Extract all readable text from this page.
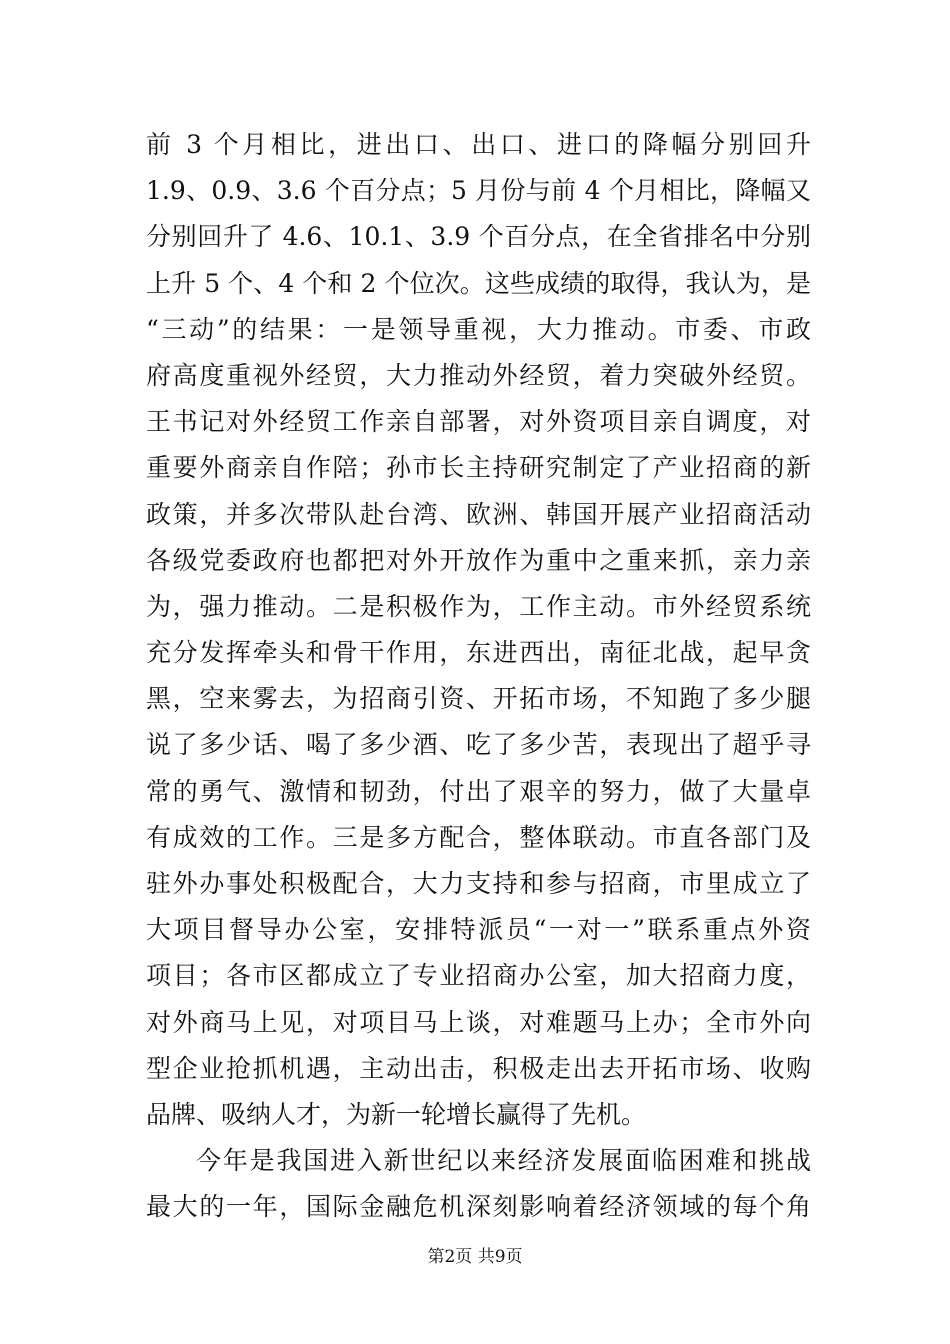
前 3 个月相比，进出口、出口、进口的降幅分别回升
1.9、0.9、3.6 个百分点；5 月份与前 4 个月相比，降幅又
分别回升了 4.6、10.1、3.9 个百分点，在全省排名中分别
上升 5 个、4 个和 2 个位次。这些成绩的取得，我认为，是
“三动”的结果：一是领导重视，大力推动。市委、市政
府高度重视外经贸，大力推动外经贸，着力突破外经贸。
王书记对外经贸工作亲自部署，对外资项目亲自调度，对
重要外商亲自作陪；孙市长主持研究制定了产业招商的新
政策，并多次带队赴台湾、欧洲、韩国开展产业招商活动
各级党委政府也都把对外开放作为重中之重来抓，亲力亲
为，强力推动。二是积极作为，工作主动。市外经贸系统
充分发挥牵头和骨干作用，东进西出，南征北战，起早贪
黑，空来雾去，为招商引资、开拓市场，不知跑了多少腿
说了多少话、喝了多少酒、吃了多少苦，表现出了超乎寻
常的勇气、激情和韧劲，付出了艰辛的努力，做了大量卓
有成效的工作。三是多方配合，整体联动。市直各部门及
驻外办事处积极配合，大力支持和参与招商，市里成立了
大项目督导办公室，安排特派员“一对一”联系重点外资
项目；各市区都成立了专业招商办公室，加大招商力度，
对外商马上见，对项目马上谈，对难题马上办；全市外向
型企业抢抓机遇，主动出击，积极走出去开拓市场、收购
品牌、吸纳人才，为新一轮增长赢得了先机。
今年是我国进入新世纪以来经济发展面临困难和挑战
最大的一年，国际金融危机深刻影响着经济领域的每个角
第2页 共9页
